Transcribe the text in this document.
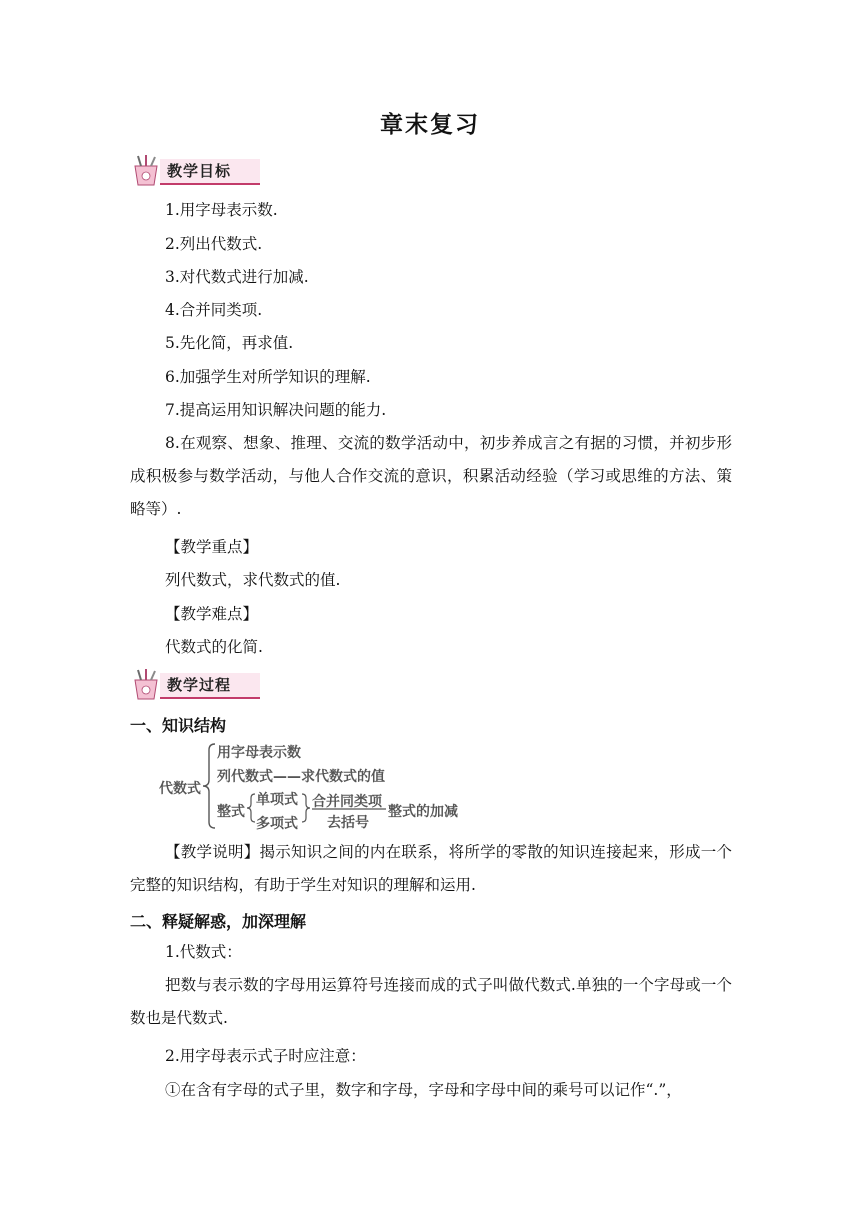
章末复习
教学目标
1.用字母表示数.
2.列出代数式.
3.对代数式进行加减.
4.合并同类项.
5.先化简，再求值.
6.加强学生对所学知识的理解.
7.提高运用知识解决问题的能力.
8.在观察、想象、推理、交流的数学活动中，初步养成言之有据的习惯，并初步形成积极参与数学活动，与他人合作交流的意识，积累活动经验（学习或思维的方法、策略等）.
【教学重点】
列代数式，求代数式的值.
【教学难点】
代数式的化简.
教学过程
一、知识结构
代数式
用字母表示数
列代数式——求代数式的值
整式
单项式
多项式
合并同类项
去括号
整式的加减
【教学说明】揭示知识之间的内在联系，将所学的零散的知识连接起来，形成一个完整的知识结构，有助于学生对知识的理解和运用.
二、释疑解惑，加深理解
1.代数式：
把数与表示数的字母用运算符号连接而成的式子叫做代数式.单独的一个字母或一个数也是代数式.
2.用字母表示式子时应注意：
①在含有字母的式子里，数字和字母，字母和字母中间的乘号可以记作“.”，
